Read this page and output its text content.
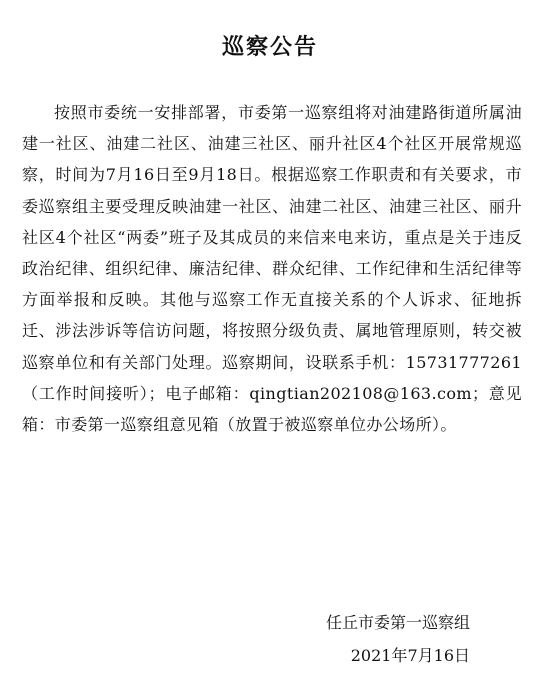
巡察公告
按照市委统一安排部署，市委第一巡察组将对油建路街道所属油建一社区、油建二社区、油建三社区、丽升社区4个社区开展常规巡察，时间为7月16日至9月18日。根据巡察工作职责和有关要求，市委巡察组主要受理反映油建一社区、油建二社区、油建三社区、丽升社区4个社区“两委”班子及其成员的来信来电来访，重点是关于违反政治纪律、组织纪律、廉洁纪律、群众纪律、工作纪律和生活纪律等方面举报和反映。其他与巡察工作无直接关系的个人诉求、征地拆迁、涉法涉诉等信访问题，将按照分级负责、属地管理原则，转交被巡察单位和有关部门处理。巡察期间，设联系手机：15731777261（工作时间接听）；电子邮箱：qingtian202108@163.com；意见箱：市委第一巡察组意见箱（放置于被巡察单位办公场所）。
任丘市委第一巡察组
2021年7月16日
